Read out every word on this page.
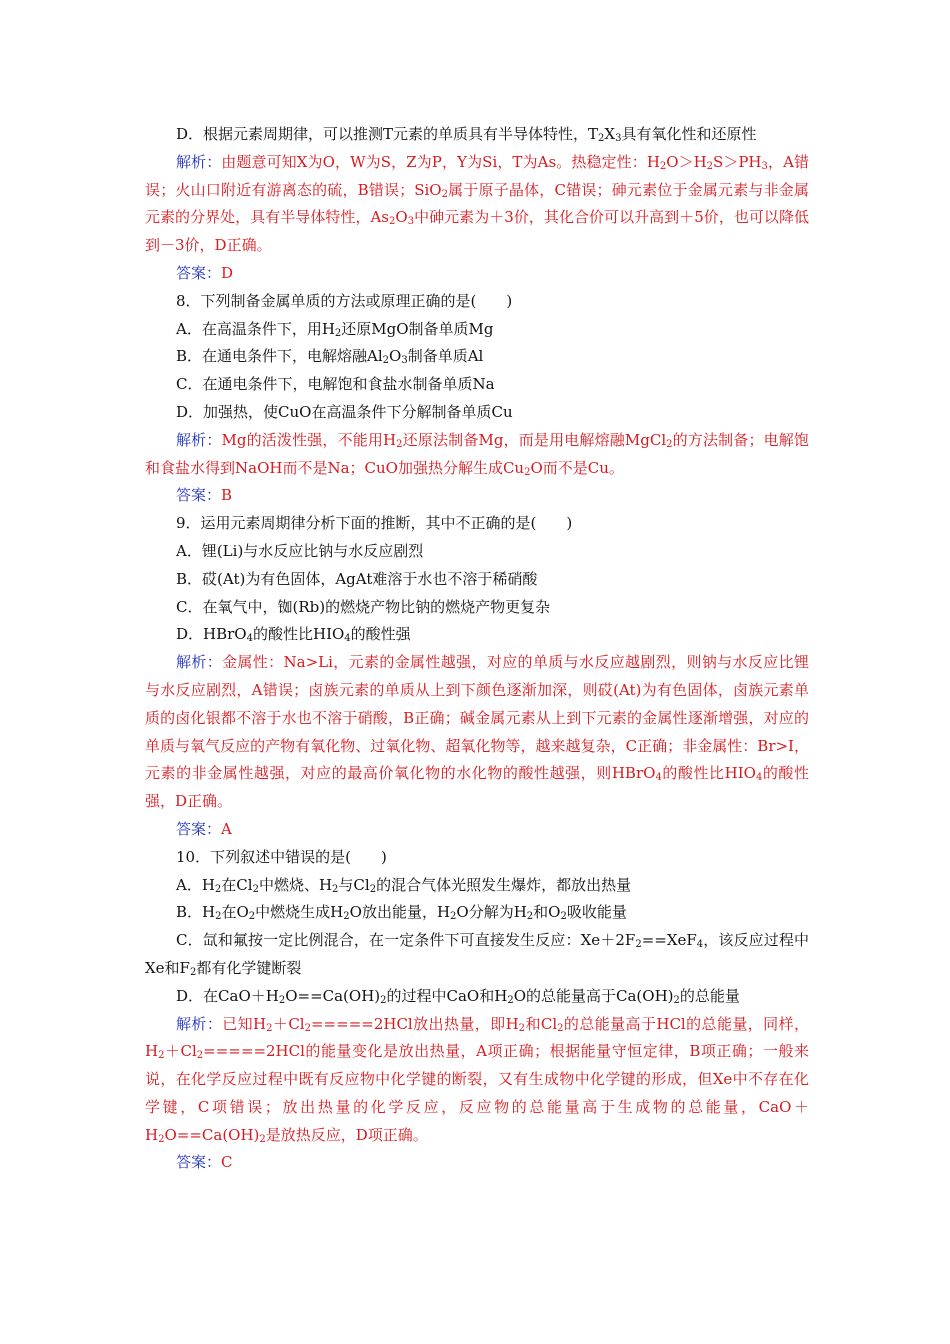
D．根据元素周期律，可以推测T元素的单质具有半导体特性，$T_2X_3$具有氧化性和还原性

解析：由题意可知X为O，W为S，Z为P，Y为Si，T为As。热稳定性：$H_2O>H_2S>PH_3$，A错误；火山口附近有游离态的硫，B错误；SiO$_2$属于原子晶体，C错误；砷元素位于金属元素与非金属元素的分界处，具有半导体特性，$As_2O_3$中砷元素为＋3价，其化合价可以升高到＋5价，也可以降低到－3价，D正确。

答案：D

8．下列制备金属单质的方法或原理正确的是(　　)

A．在高温条件下，用$H_2$还原MgO制备单质Mg

B．在通电条件下，电解熔融$Al_2O_3$制备单质Al

C．在通电条件下，电解饱和食盐水制备单质Na

D．加强热，使CuO在高温条件下分解制备单质Cu

解析：Mg的活泼性强，不能用$H_2$还原法制备Mg，而是用电解熔融MgCl$_2$的方法制备；电解饱和食盐水得到NaOH而不是Na；CuO加强热分解生成$Cu_2O$而不是Cu。

答案：B

9．运用元素周期律分析下面的推断，其中不正确的是(　　)

A．锂(Li)与水反应比钠与水反应剧烈

B．砹(At)为有色固体，AgAt难溶于水也不溶于稀硝酸

C．在氧气中，铷(Rb)的燃烧产物比钠的燃烧产物更复杂

D．HBrO$_4$的酸性比$HIO_4$的酸性强

解析：金属性：Na>Li，元素的金属性越强，对应的单质与水反应越剧烈，则钠与水反应比锂与水反应剧烈，A错误；卤族元素的单质从上到下颜色逐渐加深，则砹(At)为有色固体，卤族元素单质的卤化银都不溶于水也不溶于硝酸，B正确；碱金属元素从上到下元素的金属性逐渐增强，对应的单质与氧气反应的产物有氧化物、过氧化物、超氧化物等，越来越复杂，C正确；非金属性：Br>I，元素的非金属性越强，对应的最高价氧化物的水化物的酸性越强，则HBrO$_4$的酸性比$HIO_4$的酸性强，D正确。

答案：A

10．下列叙述中错误的是(　　)

A．$H_2$在$Cl_2$中燃烧、$H_2$与$Cl_2$的混合气体光照发生爆炸，都放出热量

B．$H_2$在$O_2$中燃烧生成$H_2O$放出能量，$H_2O$分解为$H_2$和$O_2$吸收能量

C．氙和氟按一定比例混合，在一定条件下可直接发生反应：$Xe+2F_2==XeF_4$，该反应过程中Xe和$F_2$都有化学键断裂

D．在$CaO+H_2O==Ca(OH)_2$的过程中CaO和$H_2O$的总能量高于$Ca(OH)_2$的总能量

解析：已知$H_2+Cl_2=====2HCl$放出热量，即$H_2$和$Cl_2$的总能量高于HCl的总能量，同样，$H_2+Cl_2=====2HCl$的能量变化是放出热量，A项正确；根据能量守恒定律，B项正确；一般来说，在化学反应过程中既有反应物中化学键的断裂，又有生成物中化学键的形成，但Xe中不存在化学键，C项错误；放出热量的化学反应，反应物的总能量高于生成物的总能量，$CaO+H_2O==Ca(OH)_2$是放热反应，D项正确。

答案：C
